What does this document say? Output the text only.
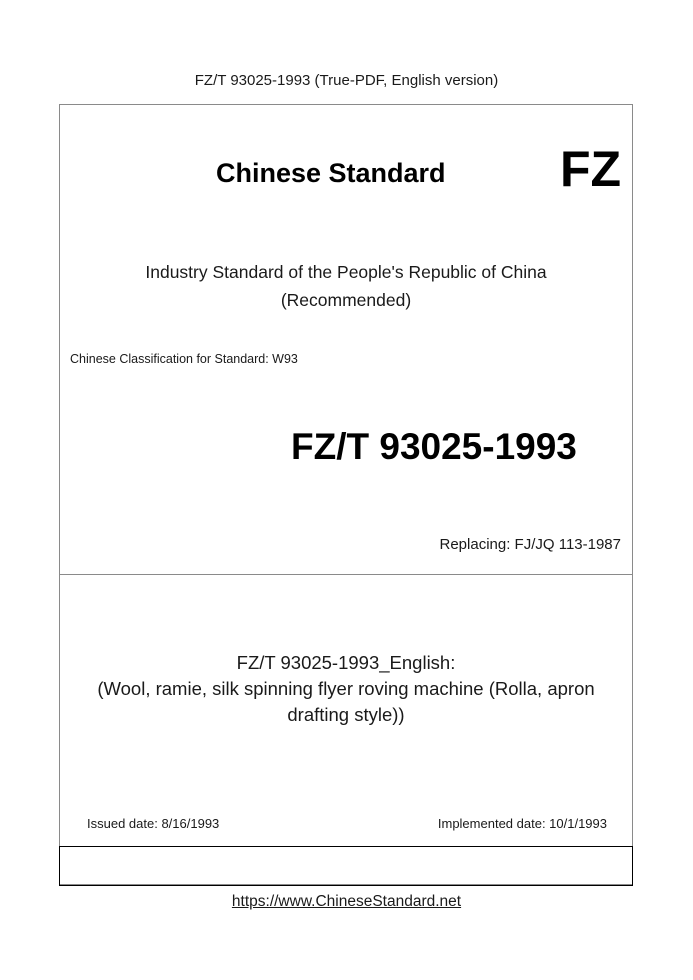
FZ/T 93025-1993 (True-PDF, English version)
Chinese Standard FZ
Industry Standard of the People's Republic of China
(Recommended)
Chinese Classification for Standard: W93
FZ/T 93025-1993
Replacing: FJ/JQ 113-1987
FZ/T 93025-1993_English:
(Wool, ramie, silk spinning flyer roving machine (Rolla, apron
drafting style))
Issued date: 8/16/1993	Implemented date: 10/1/1993
https://www.ChineseStandard.net
